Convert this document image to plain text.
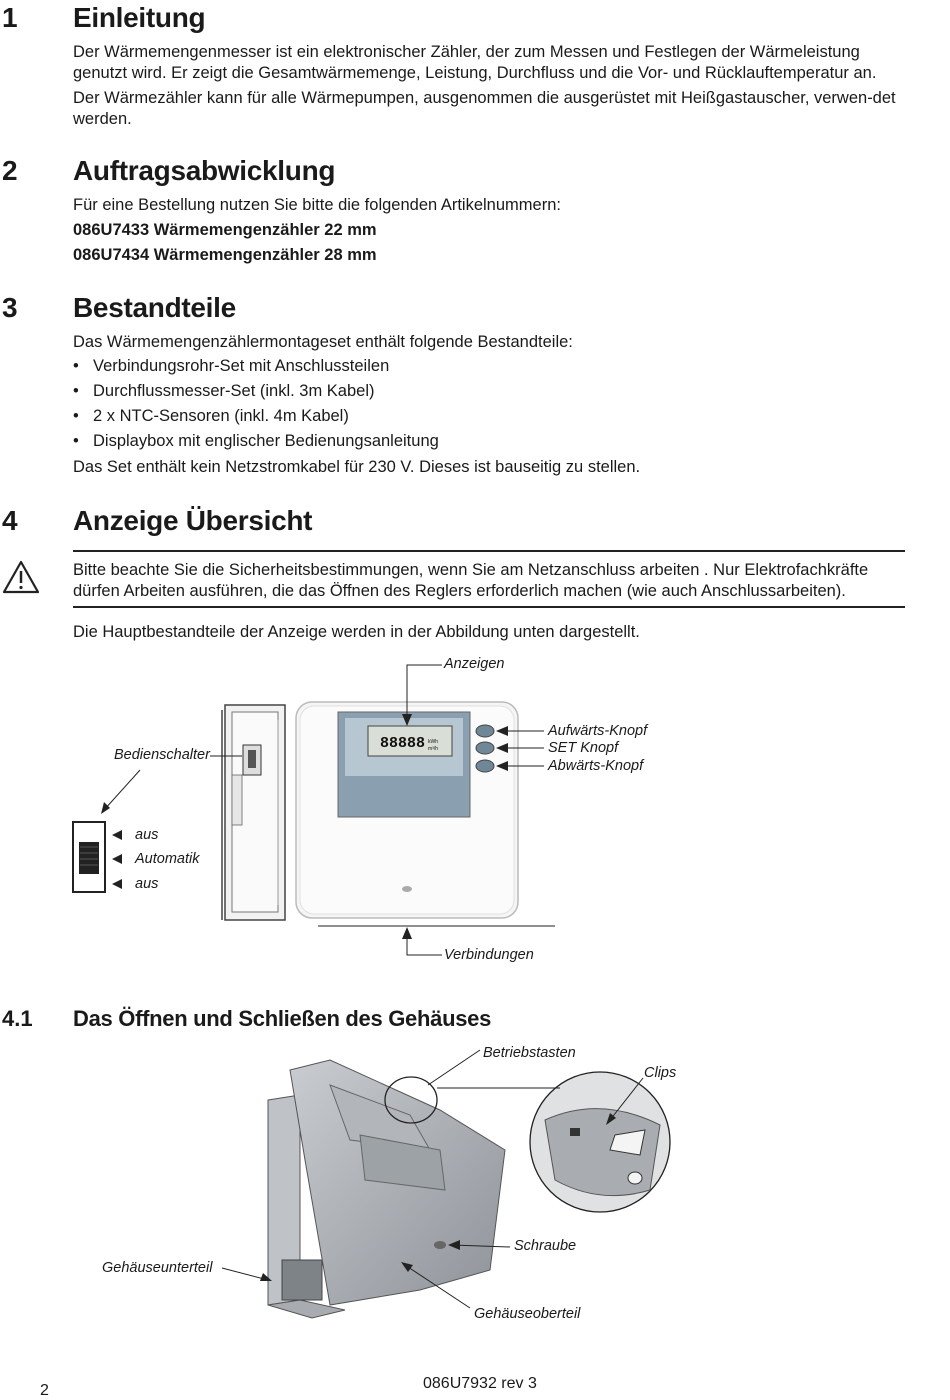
1 Einleitung
Der Wärmemengenmesser ist ein elektronischer Zähler, der zum Messen und Festlegen der Wärmeleistung genutzt wird. Er zeigt die Gesamtwärmemenge, Leistung, Durchfluss und die Vor- und Rücklauftemperatur an.
Der Wärmezähler kann für alle Wärmepumpen, ausgenommen die ausgerüstet mit Heißgastauscher, verwen-det werden.
2 Auftragsabwicklung
Für eine Bestellung nutzen Sie bitte die folgenden Artikelnummern:
086U7433 Wärmemengenzähler 22 mm
086U7434 Wärmemengenzähler 28 mm
3 Bestandteile
Das Wärmemengenzählermontageset enthält folgende Bestandteile:
• Verbindungsrohr-Set mit Anschlussteilen
• Durchflussmesser-Set (inkl. 3m Kabel)
• 2 x NTC-Sensoren (inkl. 4m Kabel)
• Displaybox mit englischer Bedienungsanleitung
Das Set enthält kein Netzstromkabel für 230 V. Dieses ist bauseitig zu stellen.
4 Anzeige Übersicht
Bitte beachte Sie die Sicherheitsbestimmungen, wenn Sie am Netzanschluss arbeiten . Nur Elektrofachkräfte dürfen Arbeiten ausführen, die das Öffnen des Reglers erforderlich machen (wie auch Anschlussarbeiten).
Die Hauptbestandteile der Anzeige werden in der Abbildung unten dargestellt.
88888 kWh
m³/h
Anzeigen
Bedienschalter
Aufwärts-Knopf
SET Knopf
Abwärts-Knopf
aus
Automatik
aus
Verbindungen
4.1 Das Öffnen und Schließen des Gehäuses
Betriebstasten
Clips
Schraube
Gehäuseunterteil
Gehäuseoberteil
2	086U7932 rev 3
